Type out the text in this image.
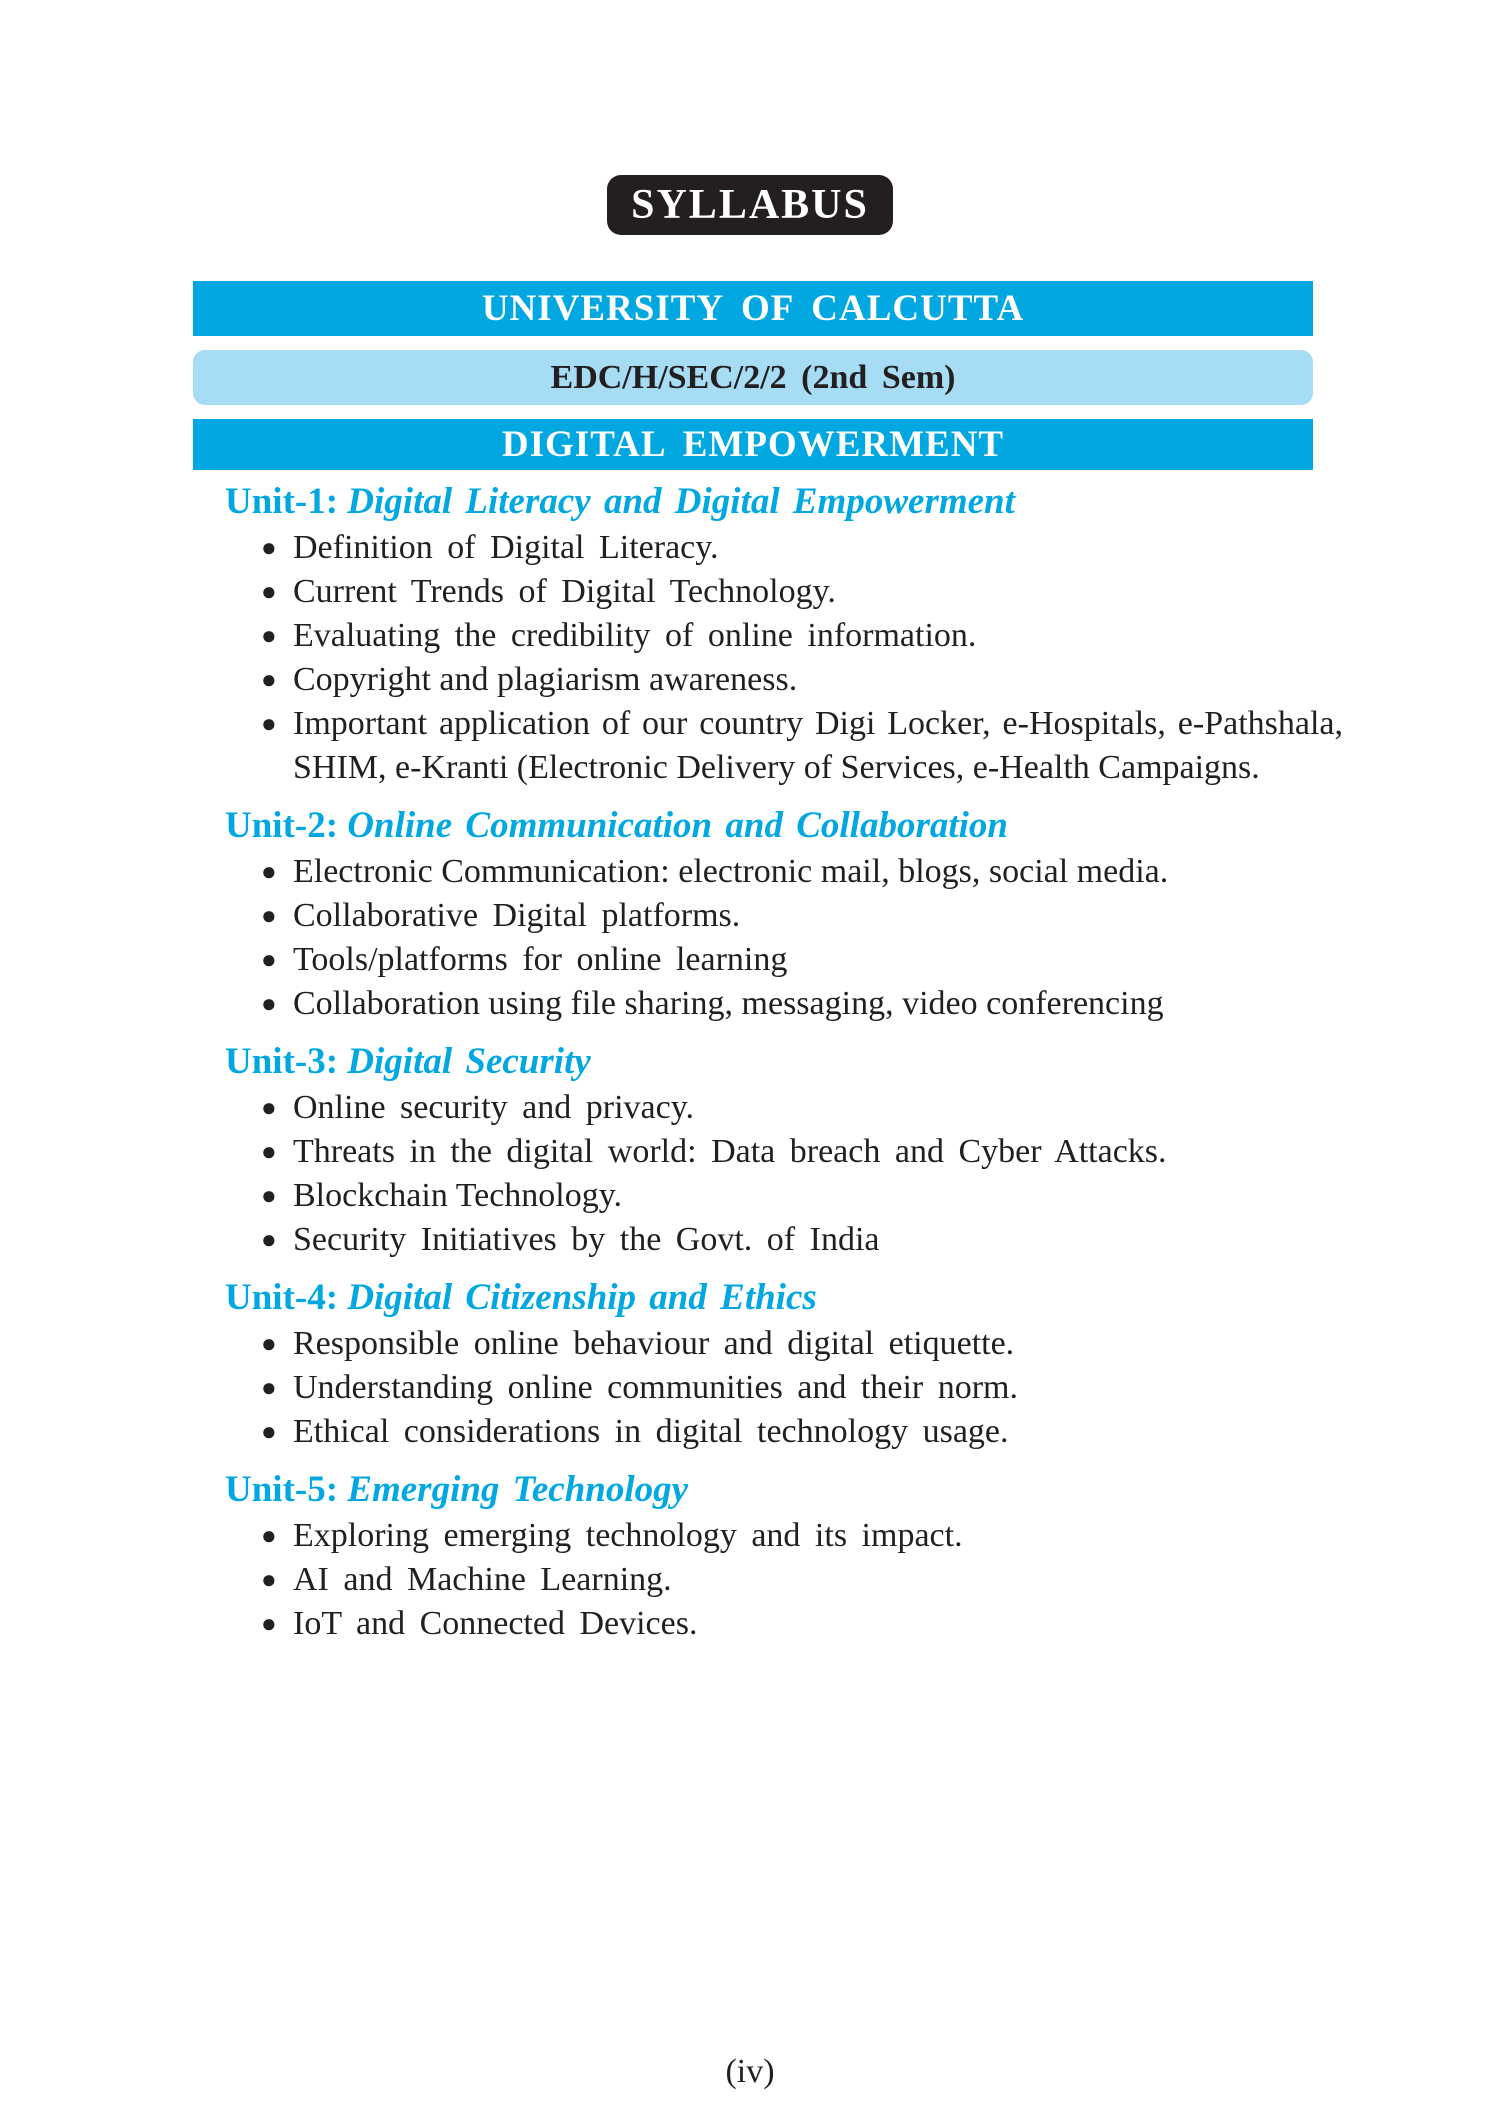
SYLLABUS
UNIVERSITY OF CALCUTTA
EDC/H/SEC/2/2 (2nd Sem)
DIGITAL EMPOWERMENT
Unit-1: Digital Literacy and Digital Empowerment
● Definition of Digital Literacy.
● Current Trends of Digital Technology.
● Evaluating the credibility of online information.
● Copyright and plagiarism awareness.
● Important application of our country Digi Locker, e-Hospitals, e-Pathshala, SHIM, e-Kranti (Electronic Delivery of Services, e-Health Campaigns.
Unit-2: Online Communication and Collaboration
● Electronic Communication: electronic mail, blogs, social media.
● Collaborative Digital platforms.
● Tools/platforms for online learning
● Collaboration using file sharing, messaging, video conferencing
Unit-3: Digital Security
● Online security and privacy.
● Threats in the digital world: Data breach and Cyber Attacks.
● Blockchain Technology.
● Security Initiatives by the Govt. of India
Unit-4: Digital Citizenship and Ethics
● Responsible online behaviour and digital etiquette.
● Understanding online communities and their norm.
● Ethical considerations in digital technology usage.
Unit-5: Emerging Technology
● Exploring emerging technology and its impact.
● AI and Machine Learning.
● IoT and Connected Devices.
(iv)
